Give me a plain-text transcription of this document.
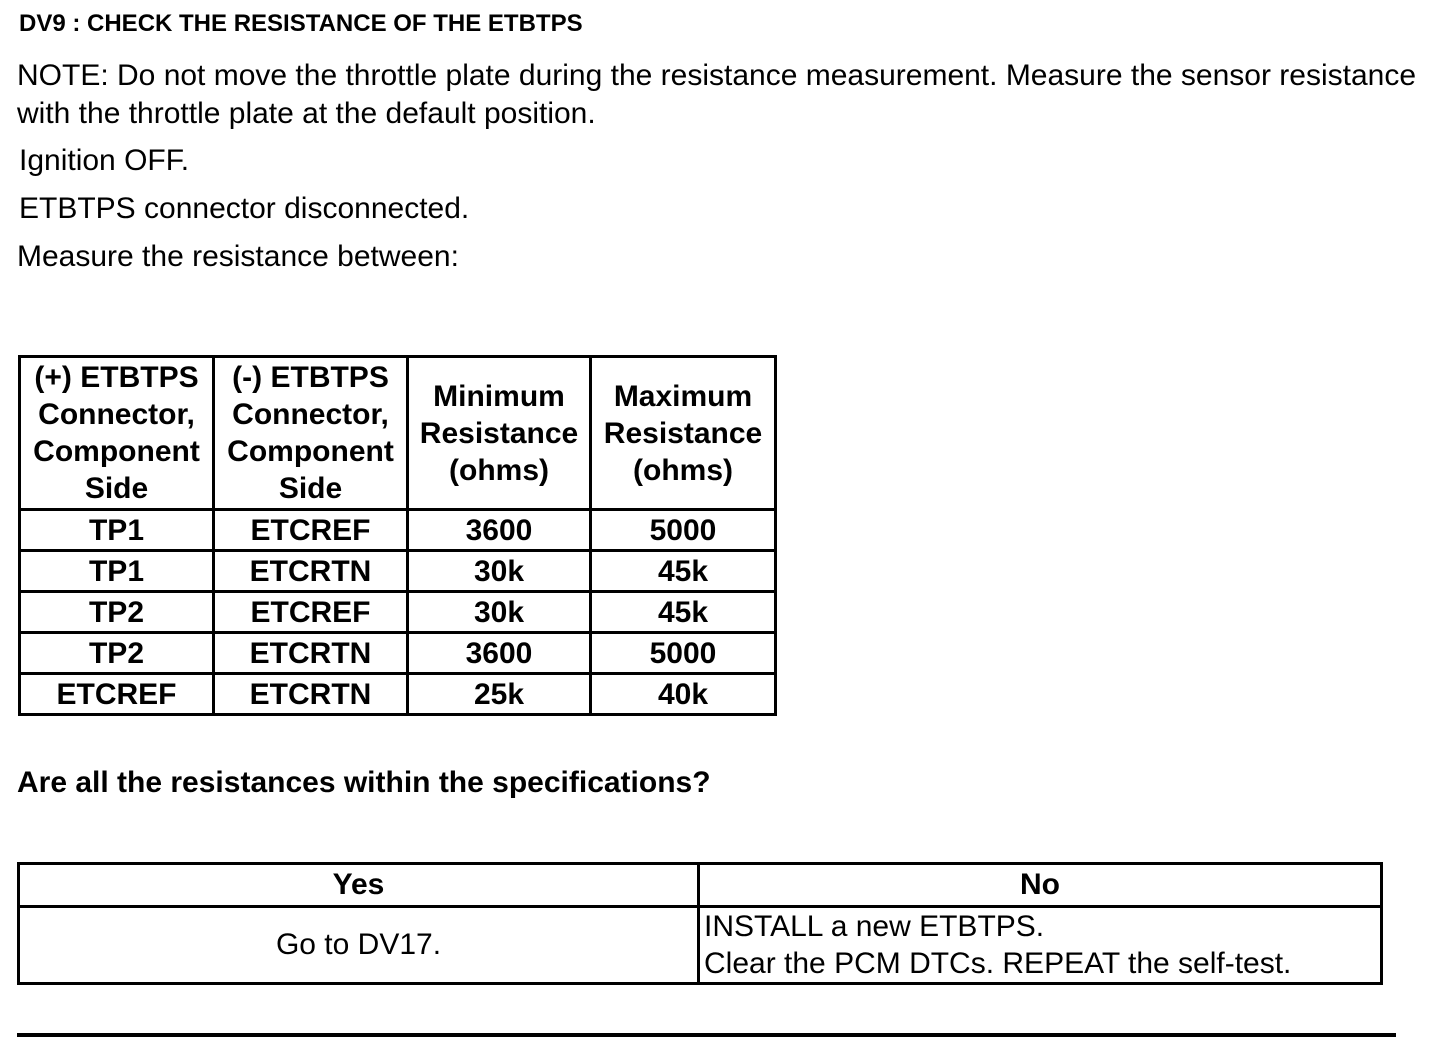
DV9 : CHECK THE RESISTANCE OF THE ETBTPS
NOTE: Do not move the throttle plate during the resistance measurement. Measure the sensor resistance with the throttle plate at the default position.
Ignition OFF.
ETBTPS connector disconnected.
Measure the resistance between:
(+) ETBTPS
Connector,
Component
Side	(-) ETBTPS
Connector,
Component
Side	Minimum
Resistance
(ohms)	Maximum
Resistance
(ohms)
TP1	ETCREF	3600	5000
TP1	ETCRTN	30k	45k
TP2	ETCREF	30k	45k
TP2	ETCRTN	3600	5000
ETCREF	ETCRTN	25k	40k
Are all the resistances within the specifications?
Yes	No
Go to DV17.	INSTALL a new ETBTPS.
Clear the PCM DTCs. REPEAT the self-test.
